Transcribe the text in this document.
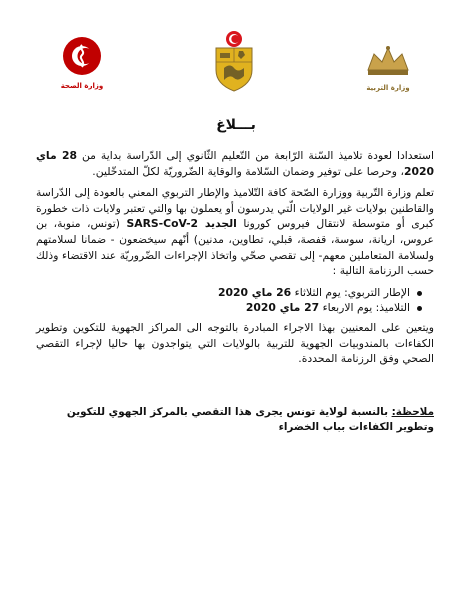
وزارة الصحة	وزارة التربية
بـــلاغ

استعدادا لعودة تلاميذ السّنة الرّابعة من التّعليم الثّانوي إلى الدّراسة بداية من 28 ماي 2020، وحرصا على توفير وضمان السّلامة والوقاية الضّروريّة لكلّ المتدخّلين.

تعلم وزارة التّربية ووزارة الصّحة كافة التّلاميذ والإطار التربوي المعني بالعودة إلى الدّراسة والقاطنين بولايات غير الولايات الّتي يدرسون أو يعملون بها والتي تعتبر ولايات ذات خطورة كبرى أو متوسطة لانتقال فيروس كورونا الجديد SARS-CoV-2 (تونس، منوبة، بن عروس، اريانة، سوسة، قفصة، قبلي، تطاوين، مدنين) أنّهم سيخضعون - ضمانا لسلامتهم ولسلامة المتعاملين معهم- إلى تقصي صحّي واتخاذ الإجراءات الضّروريّة عند الاقتضاء وذلك حسب الرزنامة التالية :

الإطار التربوي: يوم الثلاثاء 26 ماي 2020
التلاميذ: يوم الاربعاء 27 ماي 2020

ويتعين على المعنيين بهذا الاجراء المبادرة بالتوجه الى المراكز الجهوية للتكوين وتطوير الكفاءات بالمندوبيات الجهوية للتربية بالولايات التي يتواجدون بها حاليا لإجراء التقصي الصحي وفق الرزنامة المحددة.

ملاحظة: بالنسبة لولاية تونس يجرى هذا التقصي بالمركز الجهوي للتكوين وتطوير الكفاءات بباب الخضراء
